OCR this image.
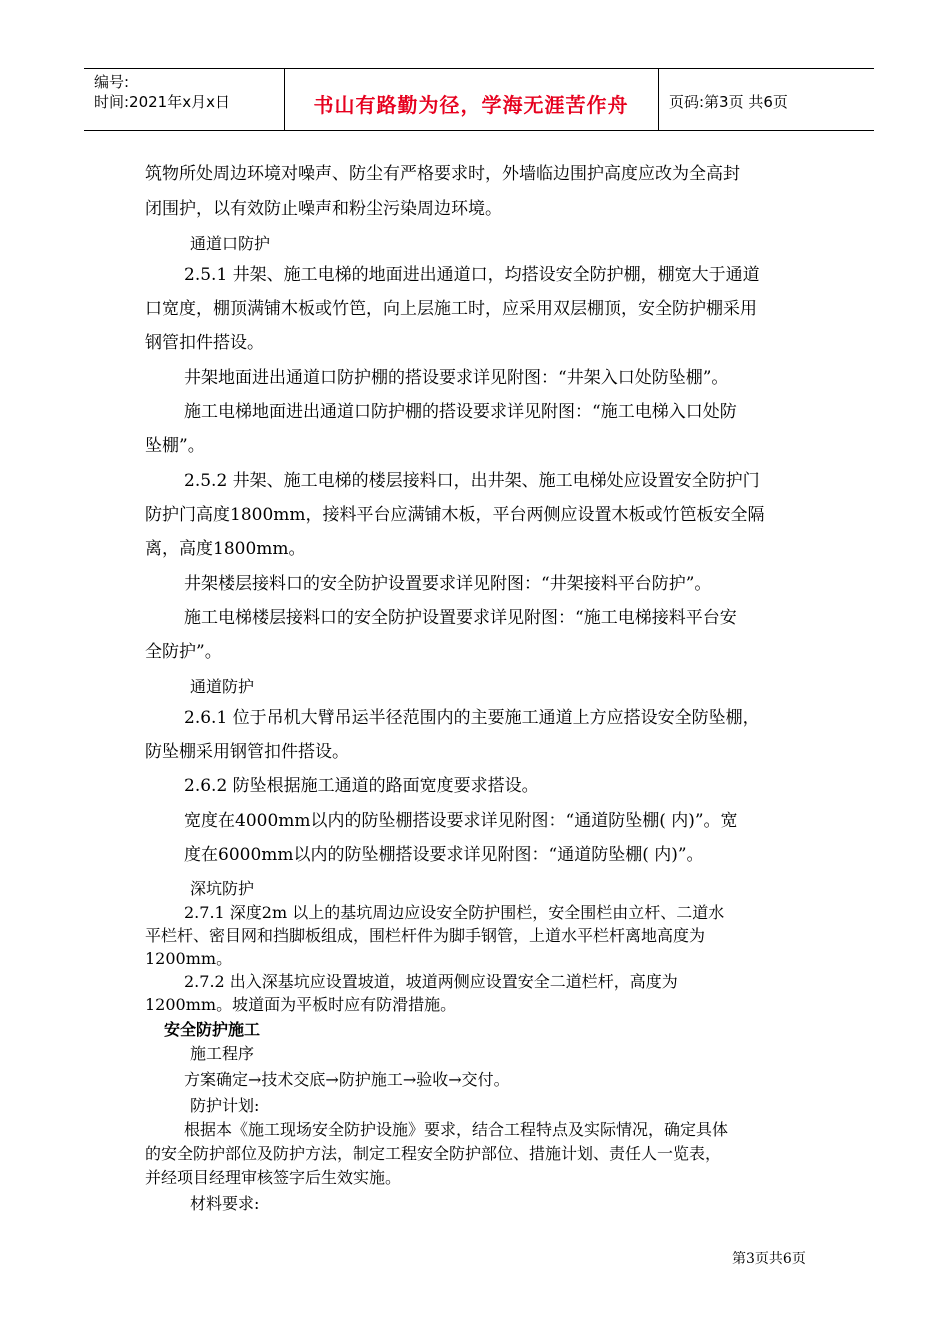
编号:
时间:2021年x月x日	书山有路勤为径，学海无涯苦作舟	页码:第3页 共6页
筑物所处周边环境对噪声、防尘有严格要求时，外墙临边围护高度应改为全高封
闭围护，以有效防止噪声和粉尘污染周边环境。
通道口防护
2.5.1 井架、施工电梯的地面进出通道口，均搭设安全防护棚，棚宽大于通道
口宽度，棚顶满铺木板或竹笆，向上层施工时，应采用双层棚顶，安全防护棚采用
钢管扣件搭设。
井架地面进出通道口防护棚的搭设要求详见附图：“井架入口处防坠棚”。
施工电梯地面进出通道口防护棚的搭设要求详见附图：“施工电梯入口处防
坠棚”。
2.5.2 井架、施工电梯的楼层接料口，出井架、施工电梯处应设置安全防护门
防护门高度1800mm，接料平台应满铺木板，平台两侧应设置木板或竹笆板安全隔
离，高度1800mm。
井架楼层接料口的安全防护设置要求详见附图：“井架接料平台防护”。
施工电梯楼层接料口的安全防护设置要求详见附图：“施工电梯接料平台安
全防护”。
通道防护
2.6.1 位于吊机大臂吊运半径范围内的主要施工通道上方应搭设安全防坠棚，
防坠棚采用钢管扣件搭设。
2.6.2 防坠根据施工通道的路面宽度要求搭设。
宽度在4000mm以内的防坠棚搭设要求详见附图：“通道防坠棚( 内)”。宽
度在6000mm以内的防坠棚搭设要求详见附图：“通道防坠棚( 内)”。
深坑防护
2.7.1 深度2m 以上的基坑周边应设安全防护围栏，安全围栏由立杆、二道水
平栏杆、密目网和挡脚板组成，围栏杆件为脚手钢管，上道水平栏杆离地高度为
1200mm。
2.7.2 出入深基坑应设置坡道，坡道两侧应设置安全二道栏杆，高度为
1200mm。坡道面为平板时应有防滑措施。
安全防护施工
施工程序
方案确定→技术交底→防护施工→验收→交付。
防护计划:
根据本《施工现场安全防护设施》要求，结合工程特点及实际情况，确定具体
的安全防护部位及防护方法，制定工程安全防护部位、措施计划、责任人一览表，
并经项目经理审核签字后生效实施。
材料要求:
第3页共6页
